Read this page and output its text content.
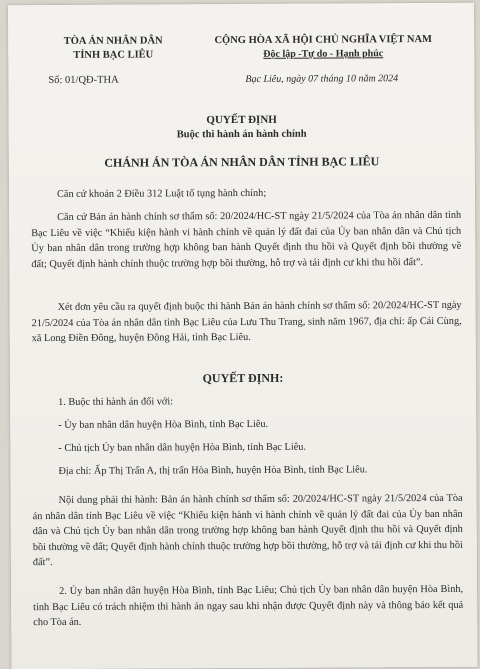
TÒA ÁN NHÂN DÂN
TỈNH BẠC LIÊU
CỘNG HÒA XÃ HỘI CHỦ NGHĨA VIỆT NAM
Độc lập -Tự do - Hạnh phúc
Số: 01/QĐ-THA	Bạc Liêu, ngày 07 tháng 10 năm 2024
QUYẾT ĐỊNH
Buộc thi hành án hành chính
CHÁNH ÁN TÒA ÁN NHÂN DÂN TỈNH BẠC LIÊU

Căn cứ khoản 2 Điều 312 Luật tố tụng hành chính;

Căn cứ Bản án hành chính sơ thẩm số: 20/2024/HC-ST ngày 21/5/2024 của Tòa án nhân dân tỉnh Bạc Liêu về việc “Khiếu kiện hành vi hành chính về quản lý đất đai của Ủy ban nhân dân và Chủ tịch Ủy ban nhân dân trong trường hợp không ban hành Quyết định thu hồi và Quyết định bồi thường về đất; Quyết định hành chính thuộc trường hợp bồi thường, hỗ trợ và tái định cư khi thu hồi đất”.

Xét đơn yêu cầu ra quyết định buộc thi hành Bản án hành chính sơ thẩm số: 20/2024/HC-ST ngày 21/5/2024 của Tòa án nhân dân tỉnh Bạc Liêu của Lưu Thu Trang, sinh năm 1967, địa chỉ: ấp Cái Cùng, xã Long Điền Đông, huyện Đông Hải, tỉnh Bạc Liêu.

QUYẾT ĐỊNH:

1. Buộc thi hành án đối với:

- Ủy ban nhân dân huyện Hòa Bình, tỉnh Bạc Liêu.

- Chủ tịch Ủy ban nhân dân huyện Hòa Bình, tỉnh Bạc Liêu.

Địa chỉ: Ấp Thị Trấn A, thị trấn Hòa Bình, huyện Hòa Bình, tỉnh Bạc Liêu.

Nội dung phải thi hành: Bản án hành chính sơ thẩm số: 20/2024/HC-ST ngày 21/5/2024 của Tòa án nhân dân tỉnh Bạc Liêu về việc “Khiếu kiện hành vi hành chính về quản lý đất đai của Ủy ban nhân dân và Chủ tịch Ủy ban nhân dân trong trường hợp không ban hành Quyết định thu hồi và Quyết định bồi thường về đất; Quyết định hành chính thuộc trường hợp bồi thường, hỗ trợ và tái định cư khi thu hồi đất”.

2. Ủy ban nhân dân huyện Hòa Bình, tỉnh Bạc Liêu; Chủ tịch Ủy ban nhân dân huyện Hòa Bình, tỉnh Bạc Liêu có trách nhiệm thi hành án ngay sau khi nhận được Quyết định này và thông báo kết quả cho Tòa án.
